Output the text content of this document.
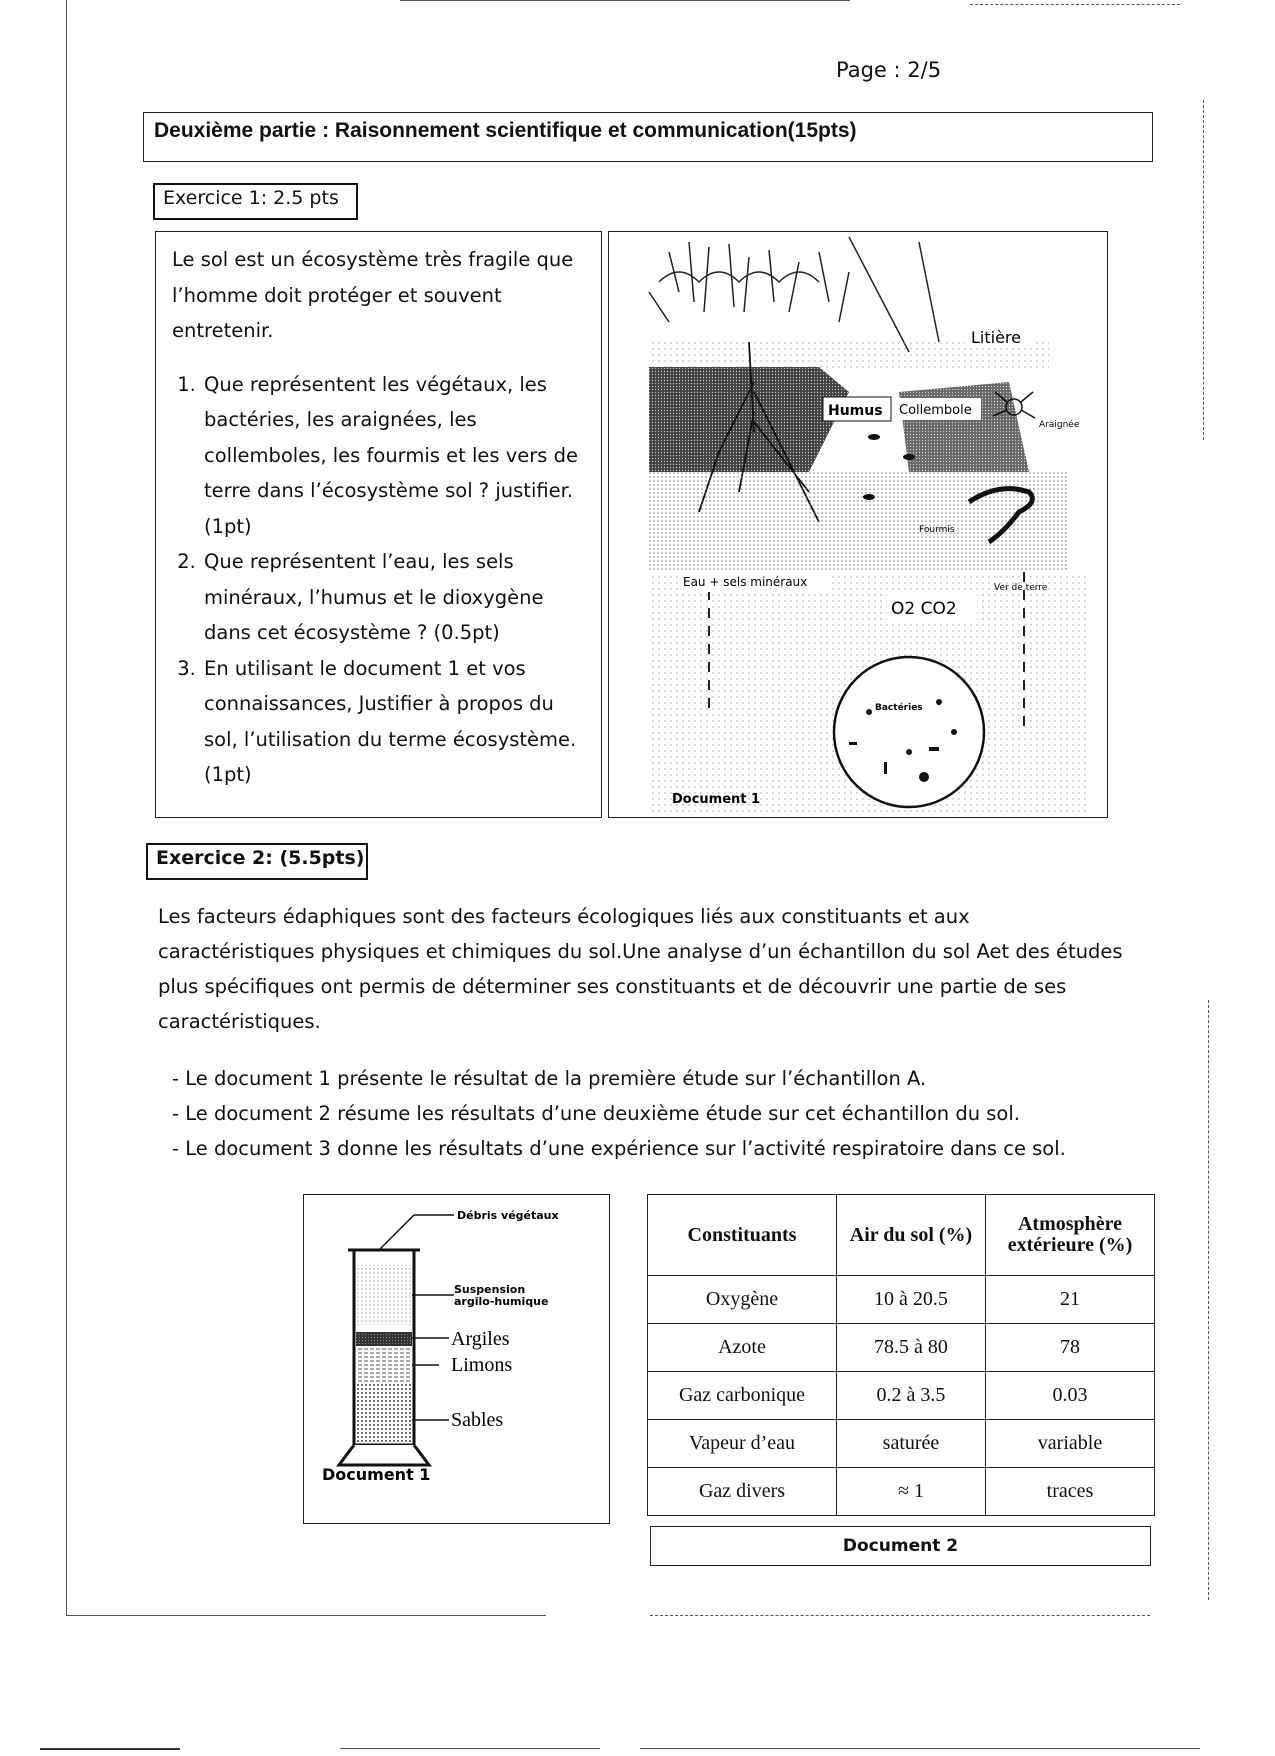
Page : 2/5
Deuxième partie : Raisonnement scientifique et communication(15pts)
Exercice 1: 2.5 pts

Le sol est un écosystème très fragile que l’homme doit protéger et souvent entretenir.

1. Que représentent les végétaux, les bactéries, les araignées, les collemboles, les fourmis et les vers de terre dans l’écosystème sol ? justifier. (1pt)
2. Que représentent l’eau, les sels minéraux, l’humus et le dioxygène dans cet écosystème ? (0.5pt)
3. En utilisant le document 1 et vos connaissances, Justifier à propos du sol, l’utilisation du terme écosystème.(1pt)
Litière
Humus Collembole
Araignée
Fourmis
Eau + sels minéraux	Ver de terre
O2 CO2
Bactéries
Document 1
Exercice 2: (5.5pts)

Les facteurs édaphiques sont des facteurs écologiques liés aux constituants et aux caractéristiques physiques et chimiques du sol.Une analyse d’un échantillon du sol Aet des études plus spécifiques ont permis de déterminer ses constituants et de découvrir une partie de ses caractéristiques.

- Le document 1 présente le résultat de la première étude sur l’échantillon A.
- Le document 2 résume les résultats d’une deuxième étude sur cet échantillon du sol.
- Le document 3 donne les résultats d’une expérience sur l’activité respiratoire dans ce sol.
Débris végétaux
Suspension
argilo-humique
Argiles
Limons
Sables
Document 1
Constituants	Air du sol (%)	Atmosphère extérieure (%)
Oxygène	10 à 20.5	21
Azote	78.5 à 80	78
Gaz carbonique	0.2 à 3.5	0.03
Vapeur d’eau	saturée	variable
Gaz divers	≈ 1	traces
Document 2
